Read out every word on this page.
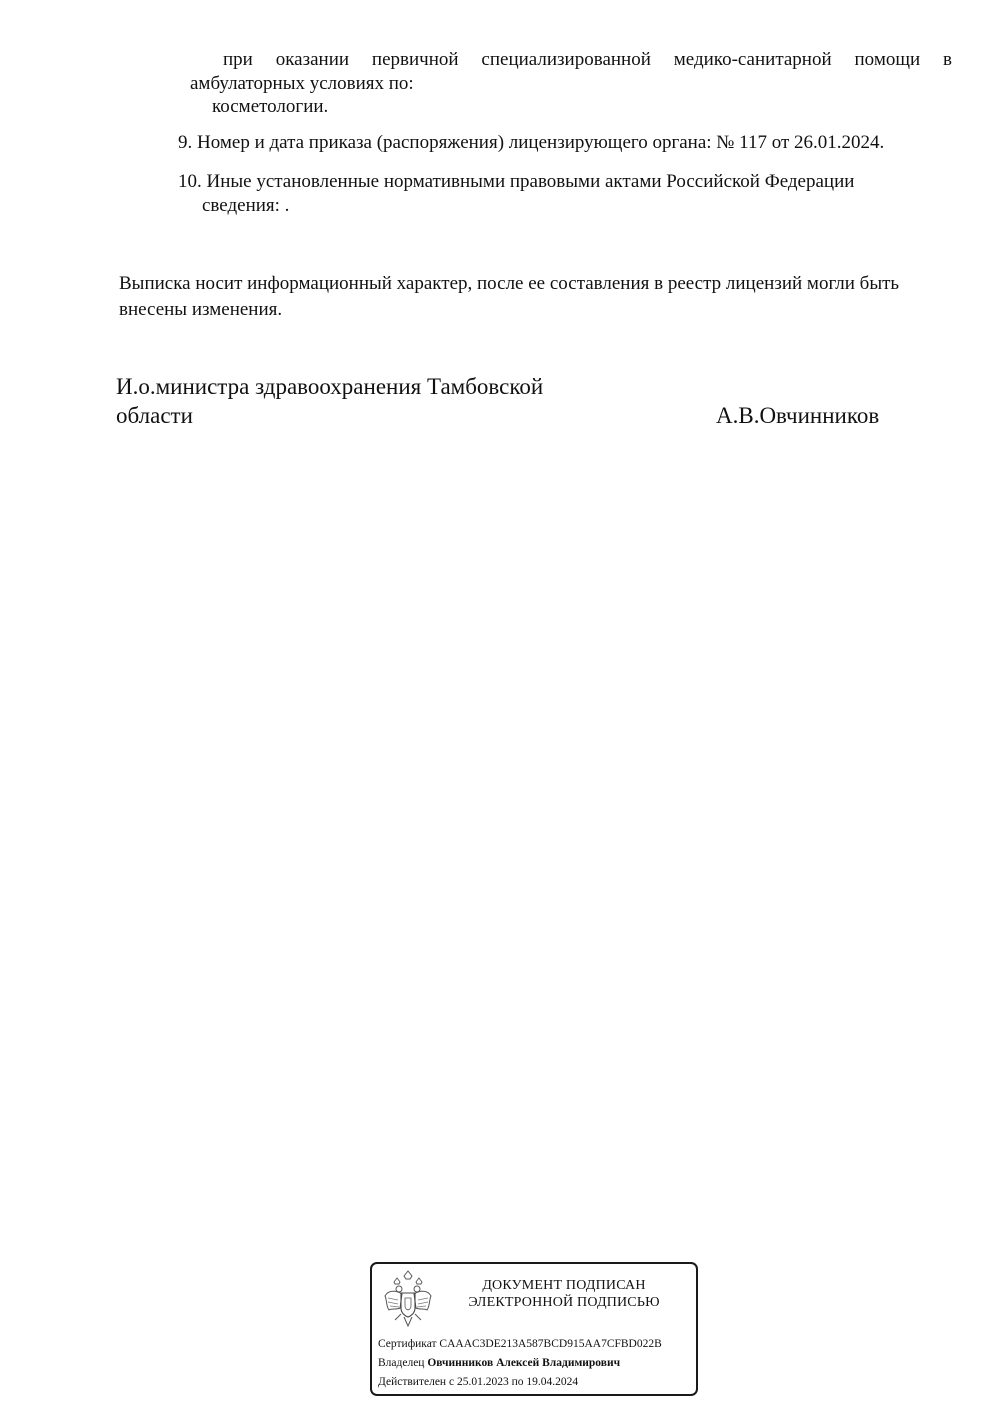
при оказании первичной специализированной медико-санитарной помощи в
амбулаторных условиях по:
косметологии.
9. Номер и дата приказа (распоряжения) лицензирующего органа: № 117 от 26.01.2024.
10. Иные установленные нормативными правовыми актами Российской Федерации
сведения: .
Выписка носит информационный характер, после ее составления в реестр лицензий могли быть внесены изменения.
И.о.министра здравоохранения Тамбовской области	А.В.Овчинников
ДОКУМЕНТ ПОДПИСАН
ЭЛЕКТРОННОЙ ПОДПИСЬЮ
Сертификат CAAAC3DE213A587BCD915AA7CFBD022B
Владелец Овчинников Алексей Владимирович
Действителен с 25.01.2023 по 19.04.2024
